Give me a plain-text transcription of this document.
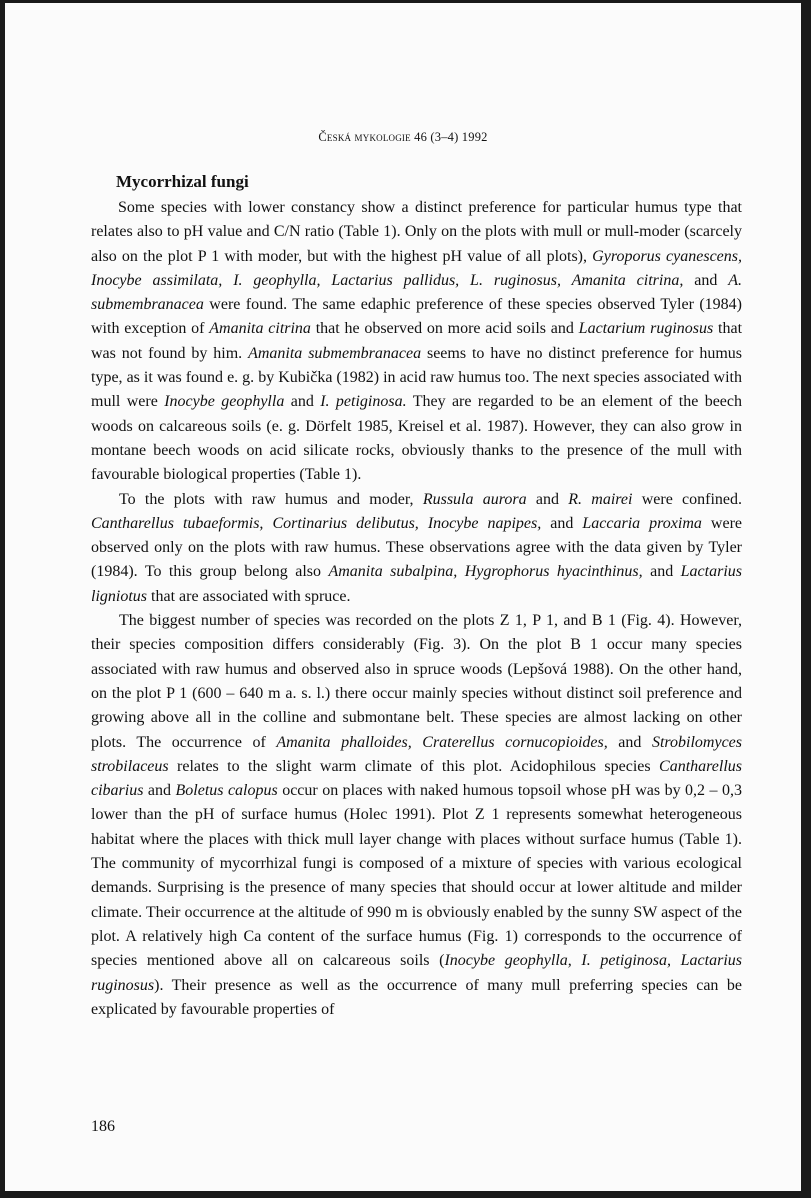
Česká mykologie 46 (3–4) 1992
Mycorrhizal fungi

Some species with lower constancy show a distinct preference for particular humus type that relates also to pH value and C/N ratio (Table 1). Only on the plots with mull or mull-moder (scarcely also on the plot P 1 with moder, but with the highest pH value of all plots), Gyroporus cyanescens, Inocybe assimilata, I. geophylla, Lactarius pallidus, L. ruginosus, Amanita citrina, and A. submembranacea were found. The same edaphic preference of these species observed Tyler (1984) with exception of Amanita citrina that he observed on more acid soils and Lactarium ruginosus that was not found by him. Amanita submembranacea seems to have no distinct preference for humus type, as it was found e. g. by Kubička (1982) in acid raw humus too. The next species associated with mull were Inocybe geophylla and I. petiginosa. They are regarded to be an element of the beech woods on calcareous soils (e. g. Dörfelt 1985, Kreisel et al. 1987). However, they can also grow in montane beech woods on acid silicate rocks, obviously thanks to the presence of the mull with favourable biological properties (Table 1).

To the plots with raw humus and moder, Russula aurora and R. mairei were confined. Cantharellus tubaeformis, Cortinarius delibutus, Inocybe napipes, and Laccaria proxima were observed only on the plots with raw humus. These observations agree with the data given by Tyler (1984). To this group belong also Amanita subalpina, Hygrophorus hyacinthinus, and Lactarius ligniotus that are associated with spruce.

The biggest number of species was recorded on the plots Z 1, P 1, and B 1 (Fig. 4). However, their species composition differs considerably (Fig. 3). On the plot B 1 occur many species associated with raw humus and observed also in spruce woods (Lepšová 1988). On the other hand, on the plot P 1 (600 – 640 m a. s. l.) there occur mainly species without distinct soil preference and growing above all in the colline and submontane belt. These species are almost lacking on other plots. The occurrence of Amanita phalloides, Craterellus cornucopioides, and Strobilomyces strobilaceus relates to the slight warm climate of this plot. Acidophilous species Cantharellus cibarius and Boletus calopus occur on places with naked humous topsoil whose pH was by 0,2 – 0,3 lower than the pH of surface humus (Holec 1991). Plot Z 1 represents somewhat heterogeneous habitat where the places with thick mull layer change with places without surface humus (Table 1). The community of mycorrhizal fungi is composed of a mixture of species with various ecological demands. Surprising is the presence of many species that should occur at lower altitude and milder climate. Their occurrence at the altitude of 990 m is obviously enabled by the sunny SW aspect of the plot. A relatively high Ca content of the surface humus (Fig. 1) corresponds to the occurrence of species mentioned above all on calcareous soils (Inocybe geophylla, I. petiginosa, Lactarius ruginosus). Their presence as well as the occurrence of many mull preferring species can be explicated by favourable properties of

186
